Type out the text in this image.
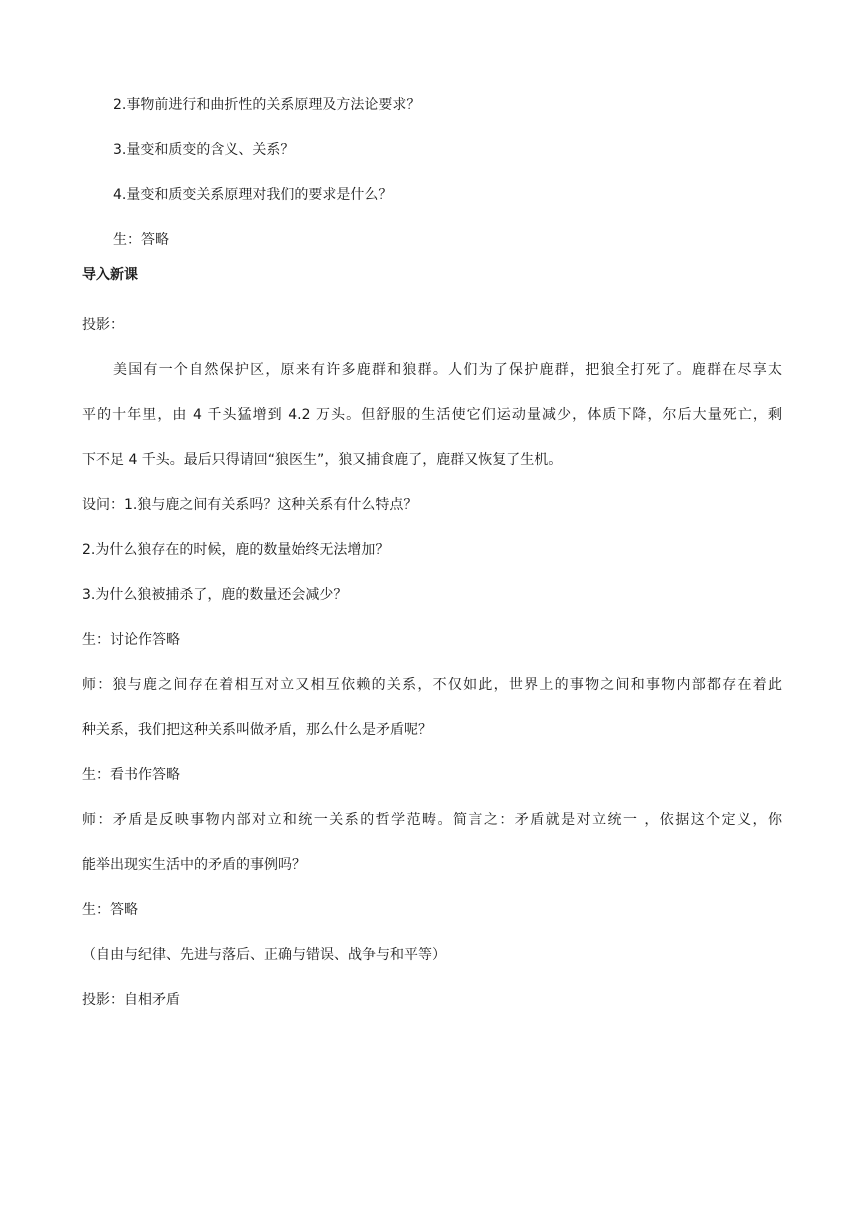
2.事物前进行和曲折性的关系原理及方法论要求？
3.量变和质变的含义、关系？
4.量变和质变关系原理对我们的要求是什么？
生：答略
导入新课
投影：
美国有一个自然保护区，原来有许多鹿群和狼群。人们为了保护鹿群，把狼全打死了。鹿群在尽享太
平的十年里，由 4 千头猛增到 4.2 万头。但舒服的生活使它们运动量减少，体质下降，尔后大量死亡，剩
下不足 4 千头。最后只得请回“狼医生”，狼又捕食鹿了，鹿群又恢复了生机。
设问：1.狼与鹿之间有关系吗？这种关系有什么特点？
2.为什么狼存在的时候，鹿的数量始终无法增加？
3.为什么狼被捕杀了，鹿的数量还会减少？
生：讨论作答略
师：狼与鹿之间存在着相互对立又相互依赖的关系，不仅如此，世界上的事物之间和事物内部都存在着此
种关系，我们把这种关系叫做矛盾，那么什么是矛盾呢？
生：看书作答略
师：矛盾是反映事物内部对立和统一关系的哲学范畴。简言之：矛盾就是对立统一 ，依据这个定义，你
能举出现实生活中的矛盾的事例吗？
生：答略
（自由与纪律、先进与落后、正确与错误、战争与和平等）
投影：自相矛盾
